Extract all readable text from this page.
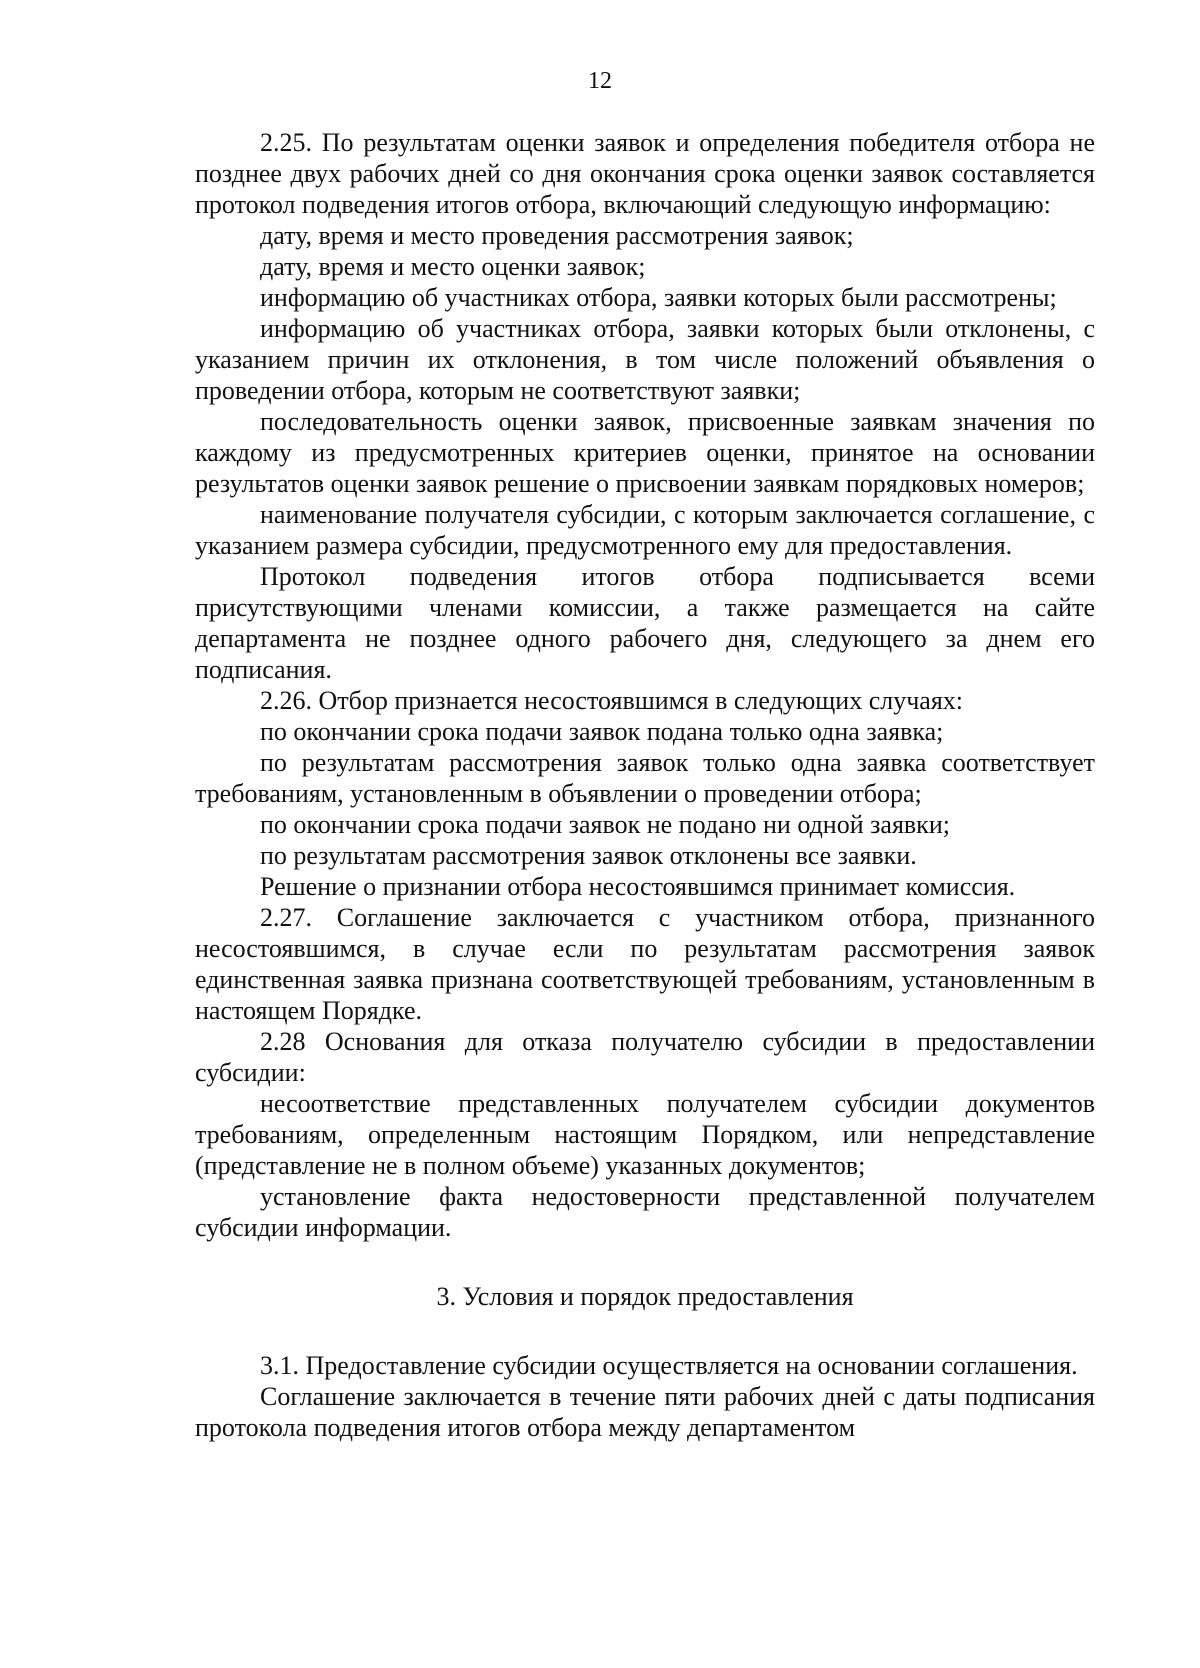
12

2.25. По результатам оценки заявок и определения победителя отбора не позднее двух рабочих дней со дня окончания срока оценки заявок составляется протокол подведения итогов отбора, включающий следующую информацию:

дату, время и место проведения рассмотрения заявок;

дату, время и место оценки заявок;

информацию об участниках отбора, заявки которых были рассмотрены;

информацию об участниках отбора, заявки которых были отклонены, с указанием причин их отклонения, в том числе положений объявления о проведении отбора, которым не соответствуют заявки;

последовательность оценки заявок, присвоенные заявкам значения по каждому из предусмотренных критериев оценки, принятое на основании результатов оценки заявок решение о присвоении заявкам порядковых номеров;

наименование получателя субсидии, с которым заключается соглашение, с указанием размера субсидии, предусмотренного ему для предоставления.

Протокол подведения итогов отбора подписывается всеми присутствующими членами комиссии, а также размещается на сайте департамента не позднее одного рабочего дня, следующего за днем его подписания.

2.26. Отбор признается несостоявшимся в следующих случаях:

по окончании срока подачи заявок подана только одна заявка;

по результатам рассмотрения заявок только одна заявка соответствует требованиям, установленным в объявлении о проведении отбора;

по окончании срока подачи заявок не подано ни одной заявки;

по результатам рассмотрения заявок отклонены все заявки.

Решение о признании отбора несостоявшимся принимает комиссия.

2.27. Соглашение заключается с участником отбора, признанного несостоявшимся, в случае если по результатам рассмотрения заявок единственная заявка признана соответствующей требованиям, установленным в настоящем Порядке.

2.28 Основания для отказа получателю субсидии в предоставлении субсидии:

несоответствие представленных получателем субсидии документов требованиям, определенным настоящим Порядком, или непредставление (представление не в полном объеме) указанных документов;

установление факта недостоверности представленной получателем субсидии информации.

3. Условия и порядок предоставления

3.1. Предоставление субсидии осуществляется на основании соглашения.

Соглашение заключается в течение пяти рабочих дней с даты подписания протокола подведения итогов отбора между департаментом
